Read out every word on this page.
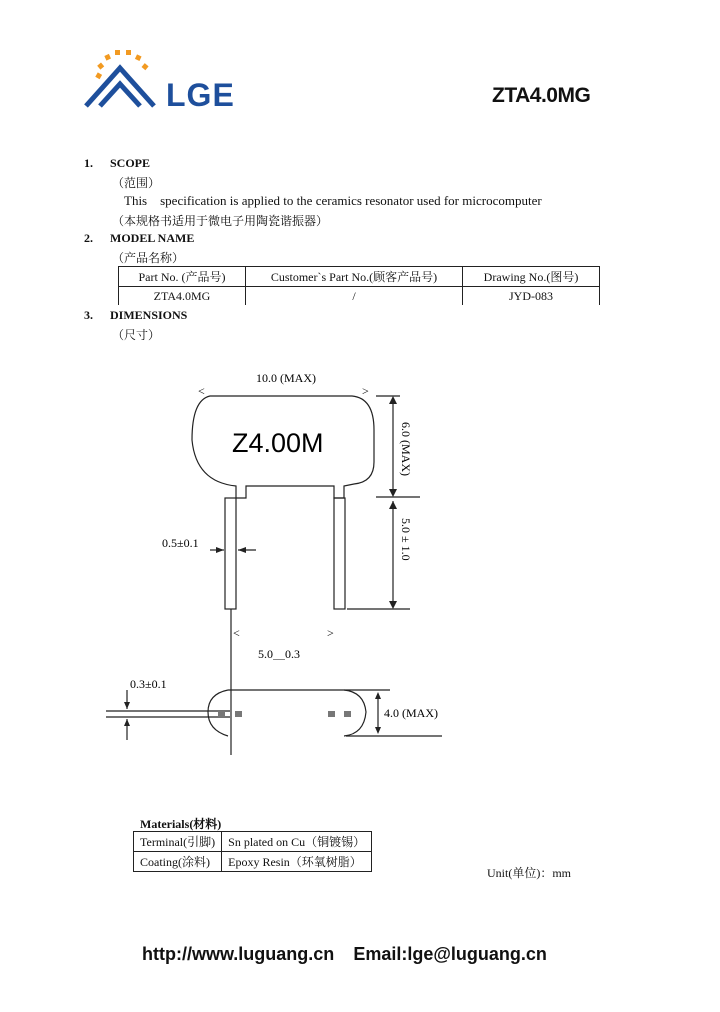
LGE	ZTA4.0MG
1. SCOPE
（范围）
This    specification is applied to the ceramics resonator used for microcomputer
（本规格书适用于微电子用陶瓷谐振器）
2. MODEL NAME
（产品名称）
Part No. (产品号)	Customer`s Part No.(顾客产品号)	Drawing No.(图号)
ZTA4.0MG	/	JYD-083
3. DIMENSIONS
（尺寸）
<	>
10.0 (MAX)
Z4.00M	6.0 (MAX)
5.0 ± 1.0
0.5±0.1
<	>
5.0＿0.3
0.3±0.1
4.0 (MAX)
Materials(材料)
Terminal(引脚)	Sn plated on Cu（铜镀锡）
Coating(涂料)	Epoxy Resin（环氧树脂）
Unit(单位)：mm
http://www.luguang.cn Email:lge@luguang.cn
